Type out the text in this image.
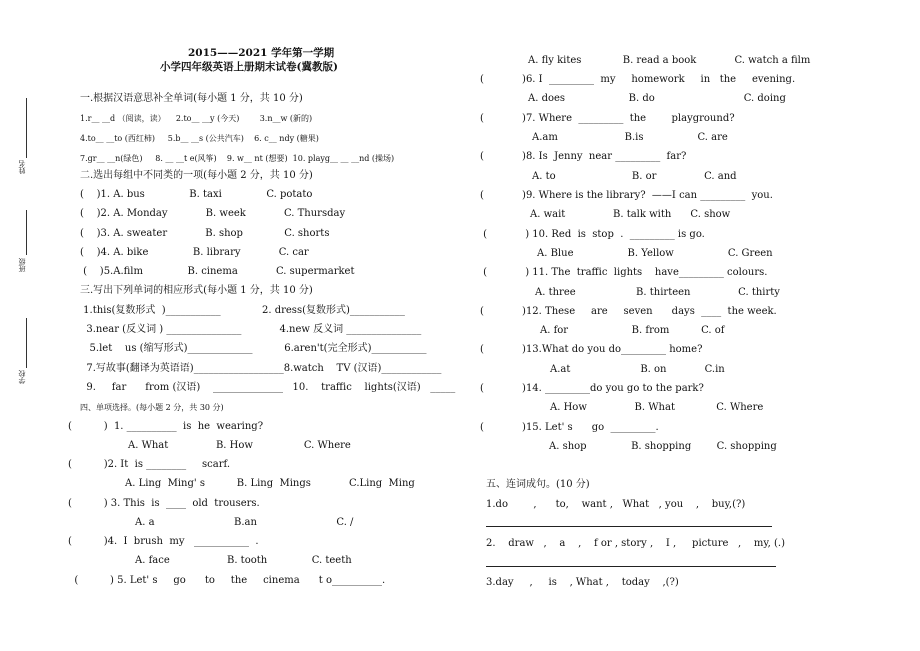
姓名
班级
学校
2015——2021 学年第一学期
小学四年级英语上册期末试卷(冀教版)
一.根据汉语意思补全单词(每小题 1 分，共 10 分)
1.r__ __d （阅读，读）    2.to__ __y (今天)        3.n__w (新的)
4.to__ __to (西红柿)     5.b__ __s (公共汽车)    6. c__ ndy (糖果)
7.gr__ __n(绿色)     8. __ __t e(风筝)    9. w__ nt (想要)  10. playg__ __ __nd (操场)
二.选出每组中不同类的一项(每小题 2 分，共 10 分)
(    )1. A. bus              B. taxi              C. potato
(    )2. A. Monday            B. week            C. Thursday
(    )3. A. sweater            B. shop             C. shorts
(    )4. A. bike              B. library            C. car
(    )5.A.film              B. cinema            C. supermarket
三.写出下列单词的相应形式(每小题 1 分，共 10 分)
1.this(复数形式  )___________             2. dress(复数形式)___________
3.near (反义词 ) _______________            4.new 反义词 _______________
5.let    us (缩写形式)_____________          6.aren't(完全形式)___________
7.写故事(翻译为英语语)__________________8.watch    TV (汉语)____________
9.     far      from (汉语)    ______________   10.    traffic    lights(汉语)   _____
四、单项选择。(每小题 2 分，共 30 分)
(          )  1. __________  is  he  wearing?
A. What               B. How                C. Where
(          )2. It  is ________     scarf.
A. Ling  Ming' s          B. Ling  Mings            C.Ling  Ming
(          ) 3. This  is  ____  old  trousers.
A. a                         B.an                         C. /
(          )4.  I  brush  my   ___________  .
A. face                  B. tooth              C. teeth
(          ) 5. Let' s     go      to     the     cinema      t o__________.
A. fly kites             B. read a book            C. watch a film
(            )6. I  _________  my     homework     in   the     evening.
A. does                    B. do                            C. doing
(            )7. Where  _________  the        playground?
A.am                     B.is                 C. are
(            )8. Is  Jenny  near _________  far?
A. to                        B. or               C. and
(            )9. Where is the library?  ——I can _________  you.
A. wait               B. talk with      C. show
(            ) 10. Red  is  stop  .  _________ is go.
A. Blue                 B. Yellow                 C. Green
(            ) 11. The  traffic  lights    have_________ colours.
A. three                   B. thirteen               C. thirty
(            )12. These     are     seven      days  ____  the week.
A. for                    B. from          C. of
(            )13.What do you do_________ home?
A.at                      B. on            C.in
(            )14. _________do you go to the park?
A. How               B. What             C. Where
(            )15. Let' s      go  _________.
A. shop              B. shopping        C. shopping
五、连词成句。(10 分)
1.do        ,      to,    want ,   What   , you    ,    buy,(?)
2.    draw   ,    a    ,    f or , story ,    I ,     picture   ,    my, (.)
3.day     ,     is    , What ,    today    ,(?)
